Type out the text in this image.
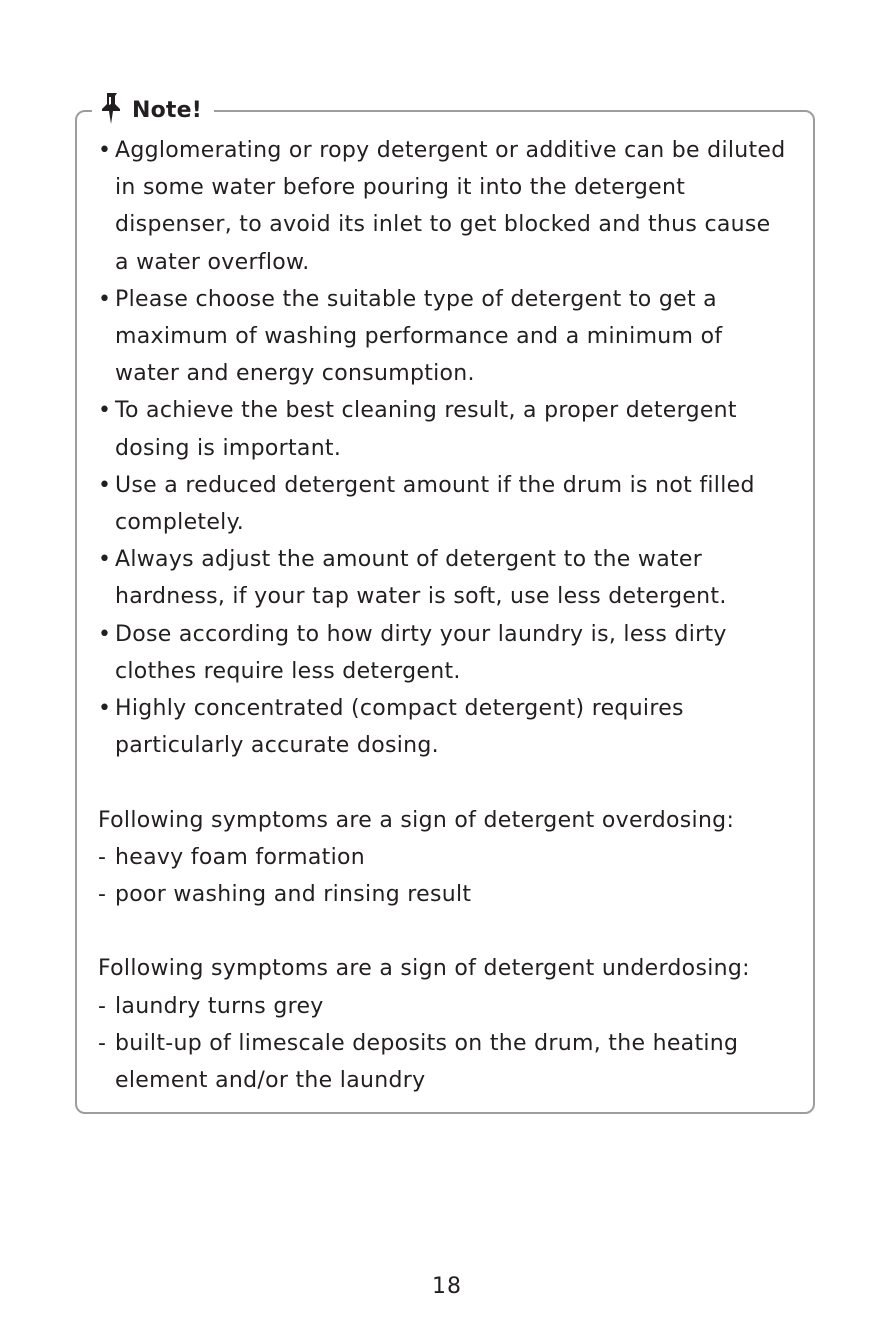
Note!
• Agglomerating or ropy detergent or additive can be diluted in some water before pouring it into the detergent dispenser, to avoid its inlet to get blocked and thus cause a water overflow.
• Please choose the suitable type of detergent to get a maximum of washing performance and a minimum of water and energy consumption.
• To achieve the best cleaning result, a proper detergent dosing is important.
• Use a reduced detergent amount if the drum is not filled completely.
• Always adjust the amount of detergent to the water hardness, if your tap water is soft, use less detergent.
• Dose according to how dirty your laundry is, less dirty clothes require less detergent.
• Highly concentrated (compact detergent) requires particularly accurate dosing.
Following symptoms are a sign of detergent overdosing:
- heavy foam formation
- poor washing and rinsing result
Following symptoms are a sign of detergent underdosing:
- laundry turns grey
- built-up of limescale deposits on the drum, the heating element and/or the laundry
18
